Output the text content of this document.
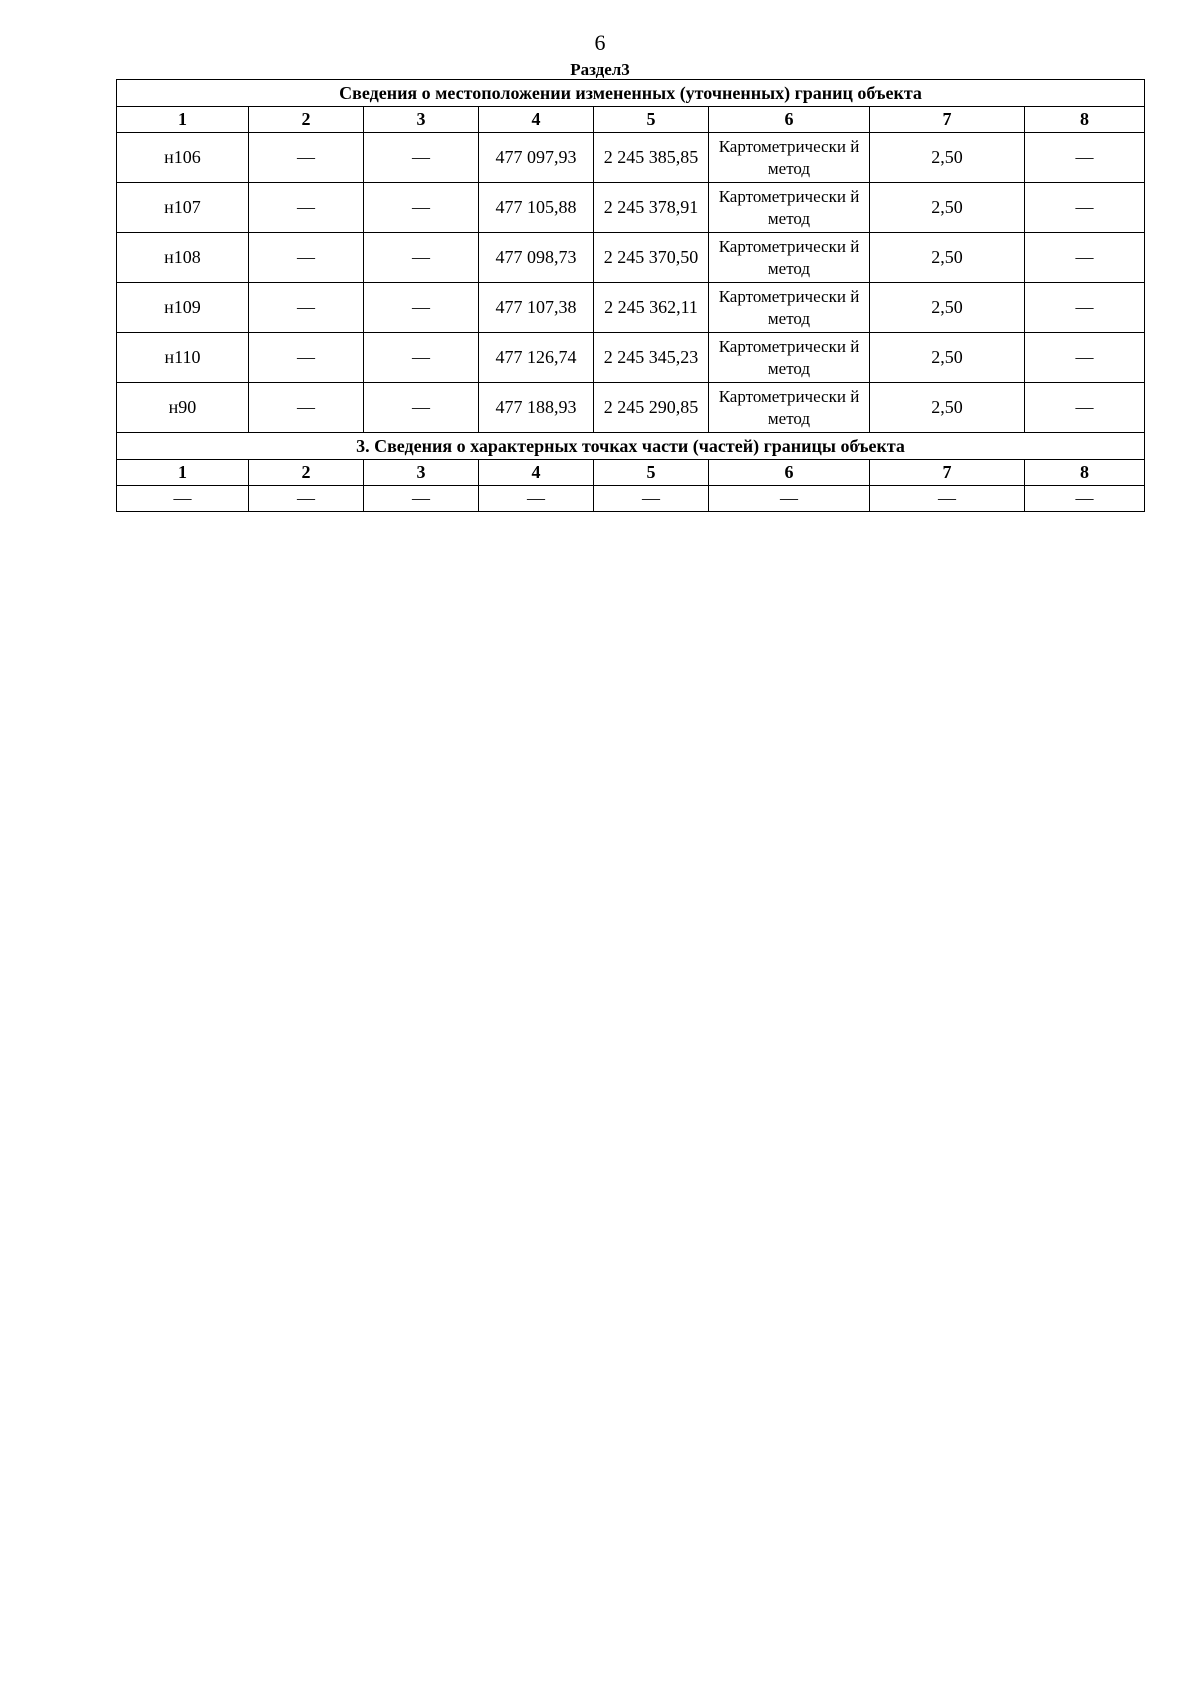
6
Раздел3
Сведения о местоположении измененных (уточненных) границ объекта							
1	2	3	4	5	6	7	8
н106	—	—	477 097,93	2 245 385,85	Картометрически й метод	2,50	—
н107	—	—	477 105,88	2 245 378,91	Картометрически й метод	2,50	—
н108	—	—	477 098,73	2 245 370,50	Картометрически й метод	2,50	—
н109	—	—	477 107,38	2 245 362,11	Картометрически й метод	2,50	—
н110	—	—	477 126,74	2 245 345,23	Картометрически й метод	2,50	—
н90	—	—	477 188,93	2 245 290,85	Картометрически й метод	2,50	—
3. Сведения о характерных точках части (частей) границы объекта							
1	2	3	4	5	6	7	8
—	—	—	—	—	—	—	—
